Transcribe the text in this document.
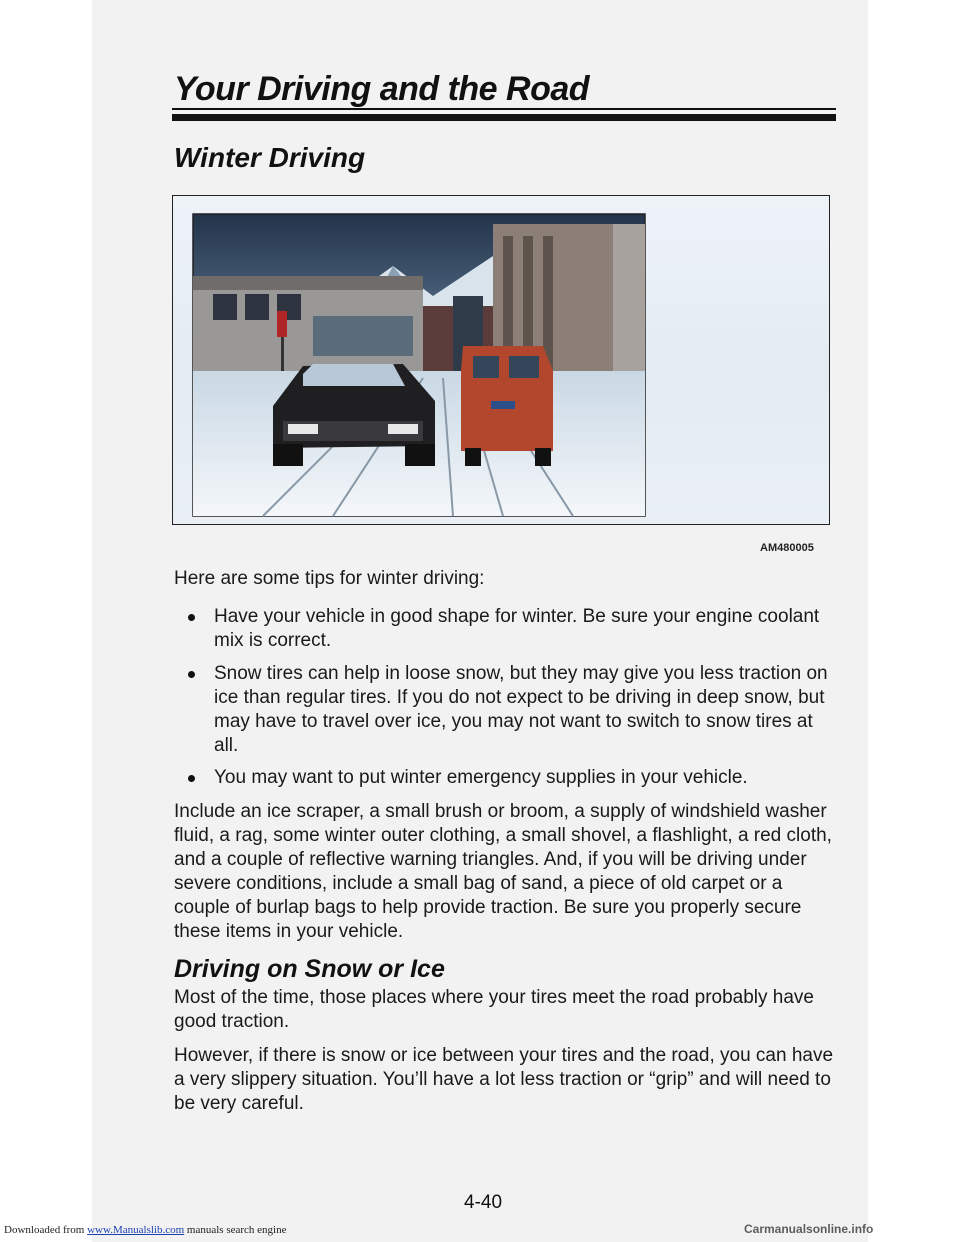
Your Driving and the Road
Winter Driving
AM480005

Here are some tips for winter driving:

Have your vehicle in good shape for winter. Be sure your engine coolant mix is correct.
Snow tires can help in loose snow, but they may give you less traction on ice than regular tires. If you do not expect to be driving in deep snow, but may have to travel over ice, you may not want to switch to snow tires at all.
You may want to put winter emergency supplies in your vehicle.

Include an ice scraper, a small brush or broom, a supply of windshield washer fluid, a rag, some winter outer clothing, a small shovel, a flashlight, a red cloth, and a couple of reflective warning triangles. And, if you will be driving under severe conditions, include a small bag of sand, a piece of old carpet or a couple of burlap bags to help provide traction. Be sure you properly secure these items in your vehicle.

Driving on Snow or Ice

Most of the time, those places where your tires meet the road probably have good traction.

However, if there is snow or ice between your tires and the road, you can have a very slippery situation. You’ll have a lot less traction or “grip” and will need to be very careful.

4-40
Downloaded from www.Manualslib.com manuals search engine	Carmanualsonline.info
